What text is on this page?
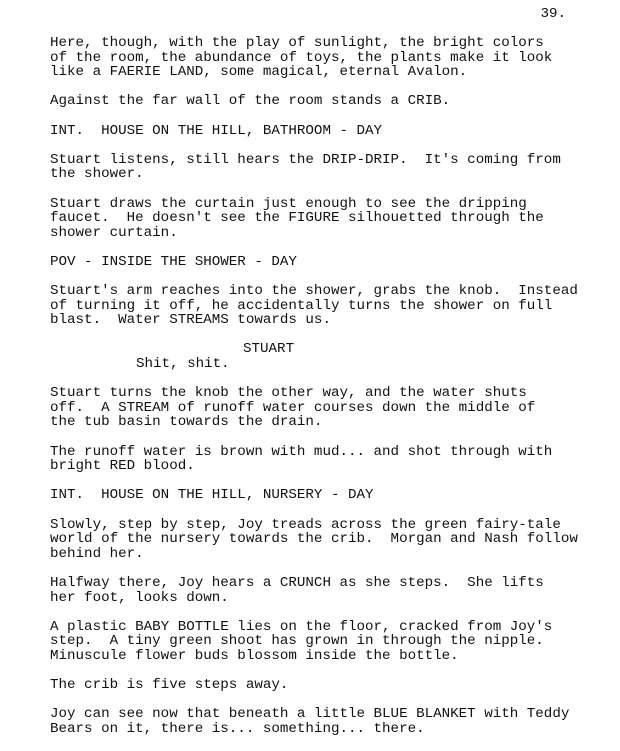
39.
Here, though, with the play of sunlight, the bright colors
of the room, the abundance of toys, the plants make it look
like a FAERIE LAND, some magical, eternal Avalon.
Against the far wall of the room stands a CRIB.
INT.  HOUSE ON THE HILL, BATHROOM - DAY
Stuart listens, still hears the DRIP-DRIP.  It's coming from
the shower.
Stuart draws the curtain just enough to see the dripping
faucet.  He doesn't see the FIGURE silhouetted through the
shower curtain.
POV - INSIDE THE SHOWER - DAY
Stuart's arm reaches into the shower, grabs the knob.  Instead
of turning it off, he accidentally turns the shower on full
blast.  Water STREAMS towards us.
STUART
Shit, shit.
Stuart turns the knob the other way, and the water shuts
off.  A STREAM of runoff water courses down the middle of
the tub basin towards the drain.
The runoff water is brown with mud... and shot through with
bright RED blood.
INT.  HOUSE ON THE HILL, NURSERY - DAY
Slowly, step by step, Joy treads across the green fairy-tale
world of the nursery towards the crib.  Morgan and Nash follow
behind her.
Halfway there, Joy hears a CRUNCH as she steps.  She lifts
her foot, looks down.
A plastic BABY BOTTLE lies on the floor, cracked from Joy's
step.  A tiny green shoot has grown in through the nipple.
Minuscule flower buds blossom inside the bottle.
The crib is five steps away.
Joy can see now that beneath a little BLUE BLANKET with Teddy
Bears on it, there is... something... there.
